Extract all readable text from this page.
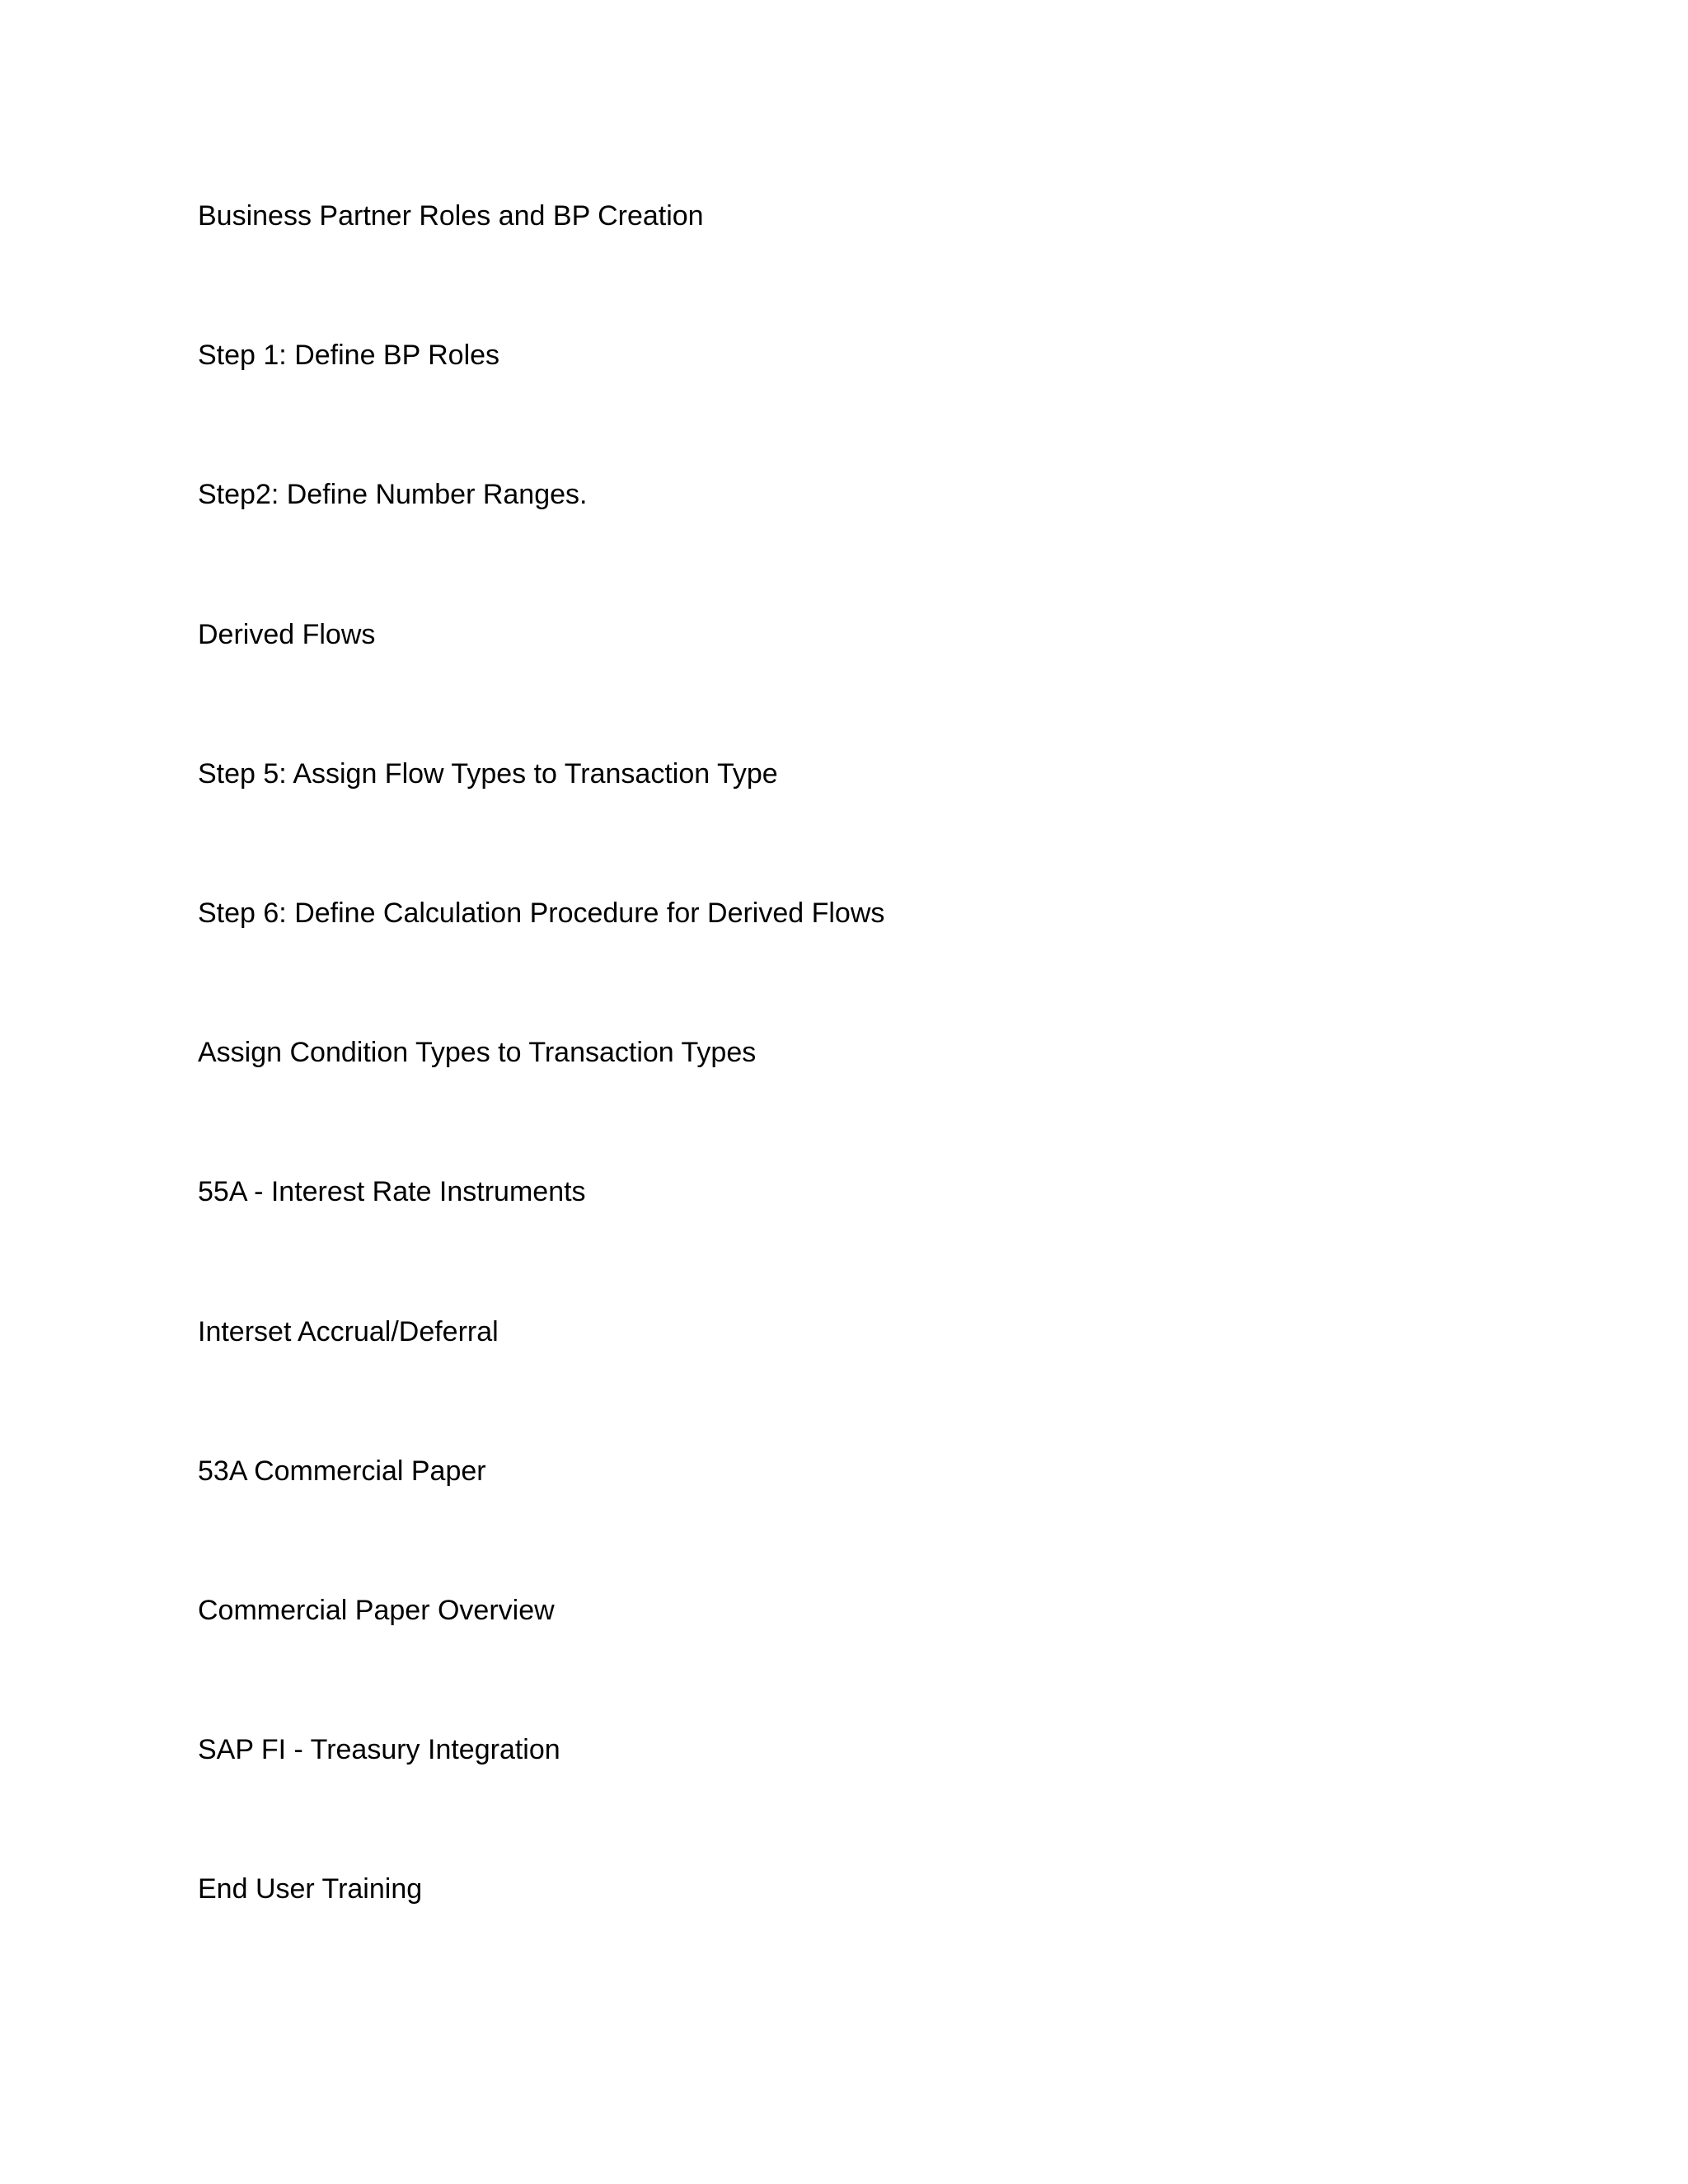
Business Partner Roles and BP Creation
Step 1: Define BP Roles
Step2: Define Number Ranges.
Derived Flows
Step 5: Assign Flow Types to Transaction Type
Step 6: Define Calculation Procedure for Derived Flows
Assign Condition Types to Transaction Types
55A - Interest Rate Instruments
Interset Accrual/Deferral
53A Commercial Paper
Commercial Paper Overview
SAP FI - Treasury Integration
End User Training
